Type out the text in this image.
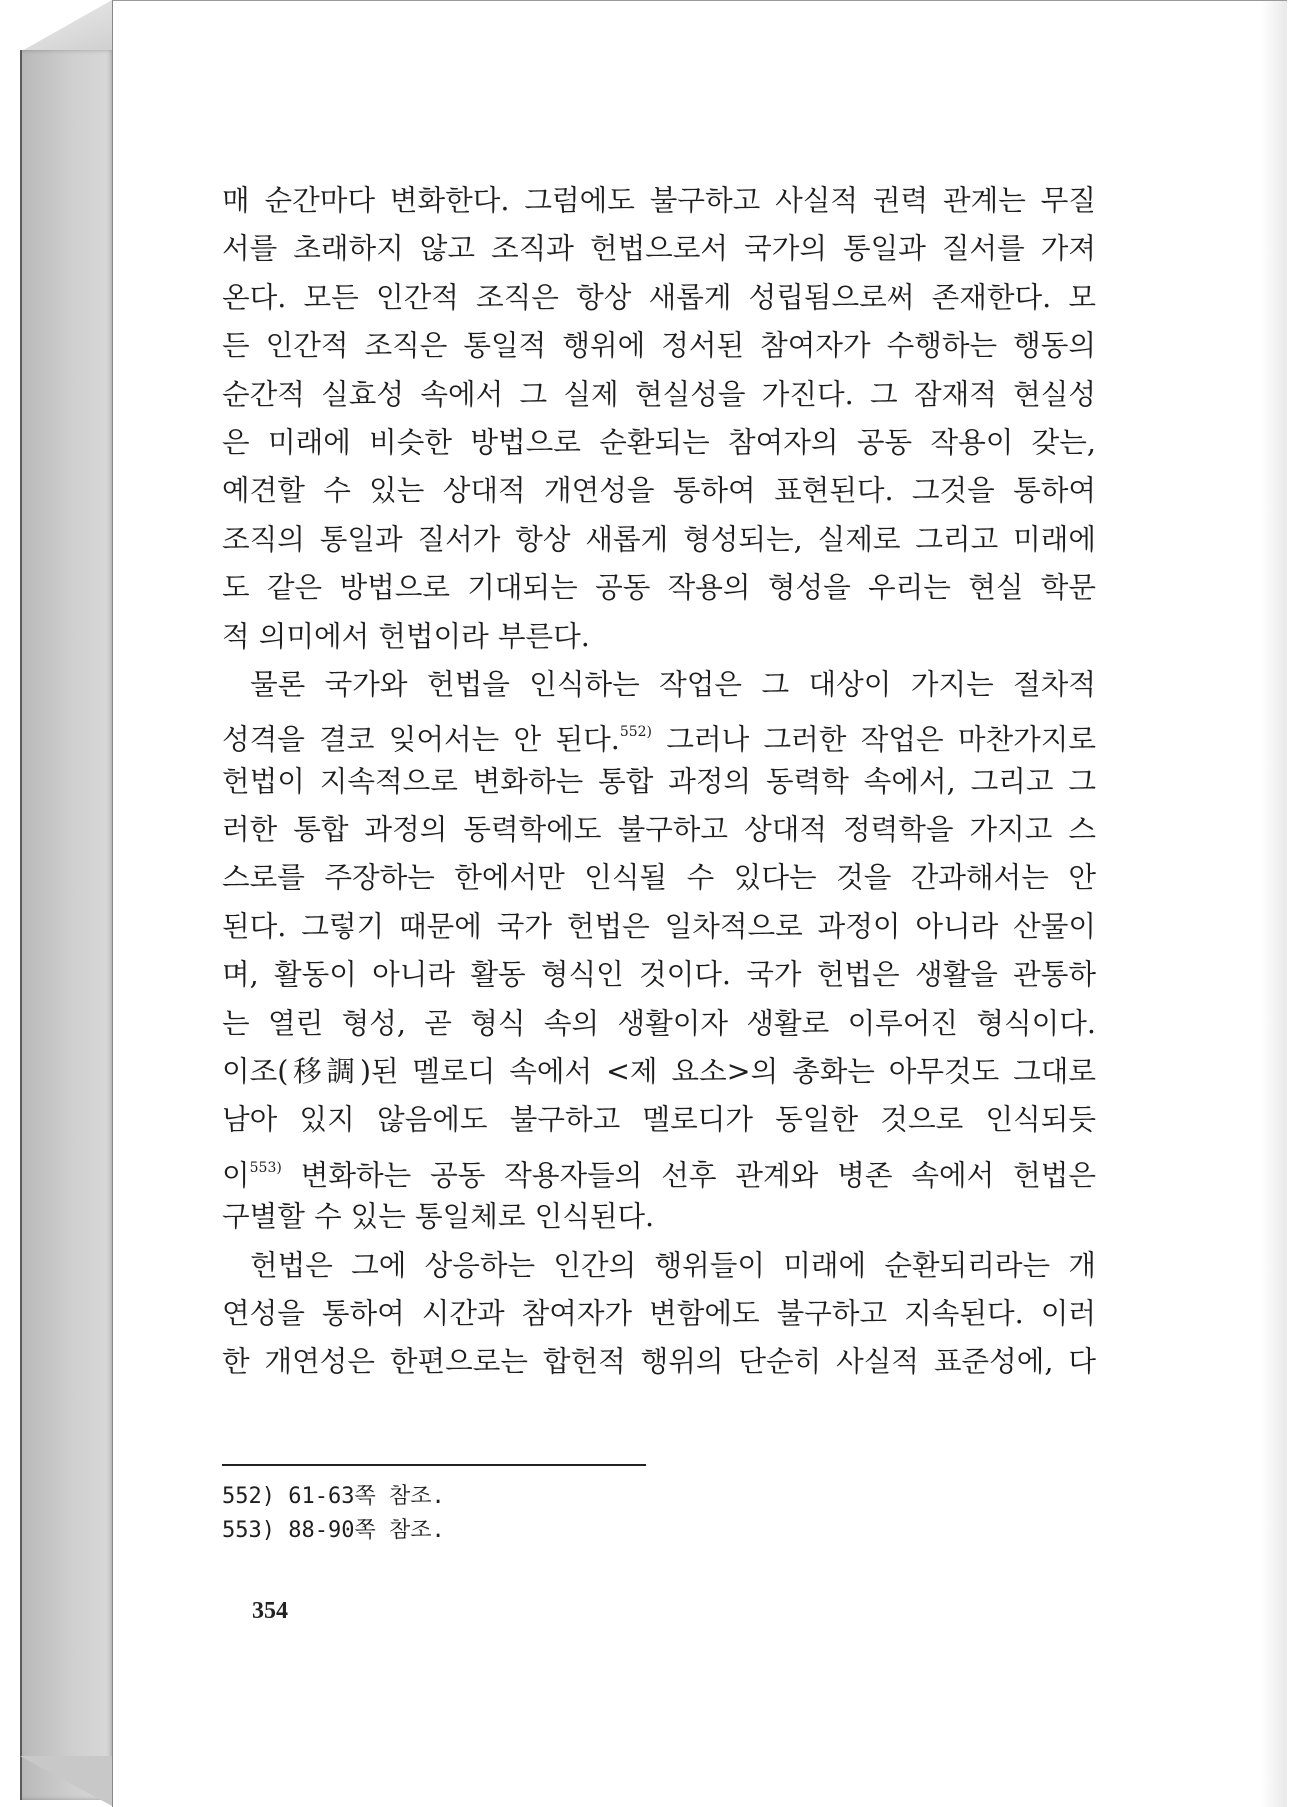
매 순간마다 변화한다. 그럼에도 불구하고 사실적 권력 관계는 무질
서를 초래하지 않고 조직과 헌법으로서 국가의 통일과 질서를 가져
온다. 모든 인간적 조직은 항상 새롭게 성립됨으로써 존재한다. 모
든 인간적 조직은 통일적 행위에 정서된 참여자가 수행하는 행동의
순간적 실효성 속에서 그 실제 현실성을 가진다. 그 잠재적 현실성
은 미래에 비슷한 방법으로 순환되는 참여자의 공동 작용이 갖는,
예견할 수 있는 상대적 개연성을 통하여 표현된다. 그것을 통하여
조직의 통일과 질서가 항상 새롭게 형성되는, 실제로 그리고 미래에
도 같은 방법으로 기대되는 공동 작용의 형성을 우리는 현실 학문
적 의미에서 헌법이라 부른다.
물론 국가와 헌법을 인식하는 작업은 그 대상이 가지는 절차적
성격을 결코 잊어서는 안 된다.$^{552)}$ 그러나 그러한 작업은 마찬가지로
헌법이 지속적으로 변화하는 통합 과정의 동력학 속에서, 그리고 그
러한 통합 과정의 동력학에도 불구하고 상대적 정력학을 가지고 스
스로를 주장하는 한에서만 인식될 수 있다는 것을 간과해서는 안
된다. 그렇기 때문에 국가 헌법은 일차적으로 과정이 아니라 산물이
며, 활동이 아니라 활동 형식인 것이다. 국가 헌법은 생활을 관통하
는 열린 형성, 곧 형식 속의 생활이자 생활로 이루어진 형식이다.
이조(移調)된 멜로디 속에서 <제 요소>의 총화는 아무것도 그대로
남아 있지 않음에도 불구하고 멜로디가 동일한 것으로 인식되듯
이$^{553)}$ 변화하는 공동 작용자들의 선후 관계와 병존 속에서 헌법은
구별할 수 있는 통일체로 인식된다.
헌법은 그에 상응하는 인간의 행위들이 미래에 순환되리라는 개
연성을 통하여 시간과 참여자가 변함에도 불구하고 지속된다. 이러
한 개연성은 한편으로는 합헌적 행위의 단순히 사실적 표준성에, 다
552) 61-63쪽 참조.
553) 88-90쪽 참조.
354
